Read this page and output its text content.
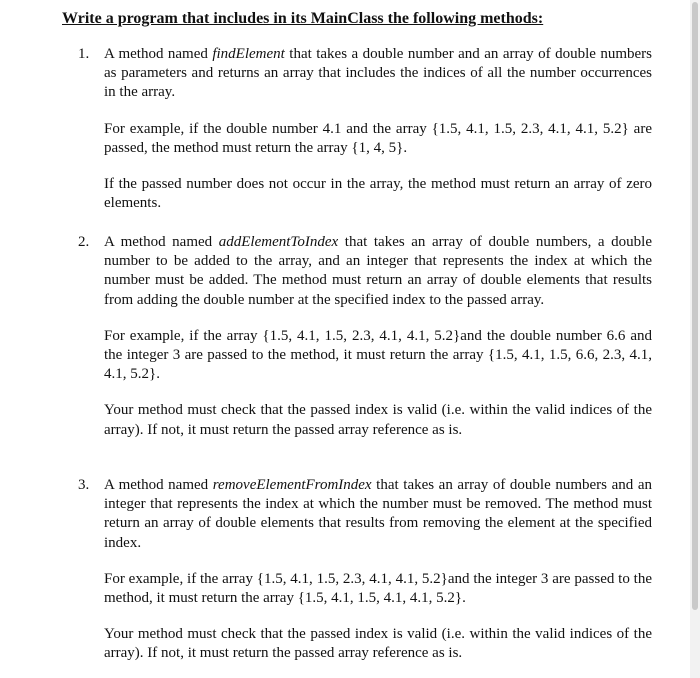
Write a program that includes in its MainClass the following methods:
1. A method named findElement that takes a double number and an array of double numbers as parameters and returns an array that includes the indices of all the number occurrences in the array.

For example, if the double number 4.1 and the array {1.5, 4.1, 1.5, 2.3, 4.1, 4.1, 5.2} are passed, the method must return the array {1, 4, 5}.

If the passed number does not occur in the array, the method must return an array of zero elements.

2. A method named addElementToIndex that takes an array of double numbers, a double number to be added to the array, and an integer that represents the index at which the number must be added. The method must return an array of double elements that results from adding the double number at the specified index to the passed array.

For example, if the array {1.5, 4.1, 1.5, 2.3, 4.1, 4.1, 5.2}and the double number 6.6 and the integer 3 are passed to the method, it must return the array {1.5, 4.1, 1.5, 6.6, 2.3, 4.1, 4.1, 5.2}.

Your method must check that the passed index is valid (i.e. within the valid indices of the array). If not, it must return the passed array reference as is.

3. A method named removeElementFromIndex that takes an array of double numbers and an integer that represents the index at which the number must be removed. The method must return an array of double elements that results from removing the element at the specified index.

For example, if the array {1.5, 4.1, 1.5, 2.3, 4.1, 4.1, 5.2}and the integer 3 are passed to the method, it must return the array {1.5, 4.1, 1.5, 4.1, 4.1, 5.2}.

Your method must check that the passed index is valid (i.e. within the valid indices of the array). If not, it must return the passed array reference as is.
